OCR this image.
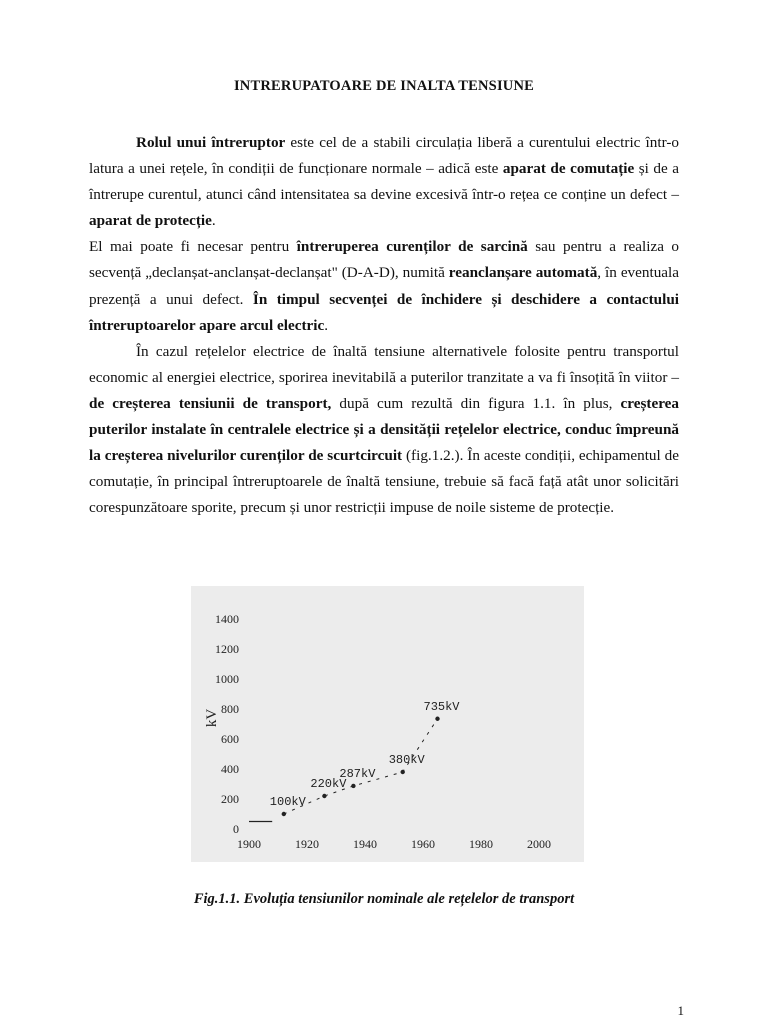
INTRERUPATOARE DE INALTA TENSIUNE

Rolul unui întreruptor este cel de a stabili circulația liberă a curentului electric într-o latura a unei rețele, în condiții de funcționare normale – adică este aparat de comutație și de a întrerupe curentul, atunci când intensitatea sa devine excesivă într-o rețea ce conține un defect – aparat de protecție.

El mai poate fi necesar pentru întreruperea curenților de sarcină sau pentru a realiza o secvență „declanșat-anclanșat-declanșat" (D-A-D), numită reanclanșare automată, în eventuala prezență a unui defect. În timpul secvenței de închidere și deschidere a contactului întreruptoarelor apare arcul electric.

În cazul rețelelor electrice de înaltă tensiune alternativele folosite pentru transportul economic al energiei electrice, sporirea inevitabilă a puterilor tranzitate a va fi însoțită în viitor – de creșterea tensiunii de transport, după cum rezultă din figura 1.1. în plus, creșterea puterilor instalate în centralele electrice și a densității rețelelor electrice, conduc împreună la creșterea nivelurilor curenților de scurtcircuit (fig.1.2.). În aceste condiții, echipamentul de comutație, în principal întreruptoarele de înaltă tensiune, trebuie să facă față atât unor solicitări corespunzătoare sporite, precum și unor restricții impuse de noile sisteme de protecție.

0
200
400
600
800
1000
1200
1400
1900	1920	1940	1960	1980	2000
kV
100kV
220kV
287kV
380kV
735kV
Fig.1.1. Evoluția tensiunilor nominale ale rețelelor de transport
1
